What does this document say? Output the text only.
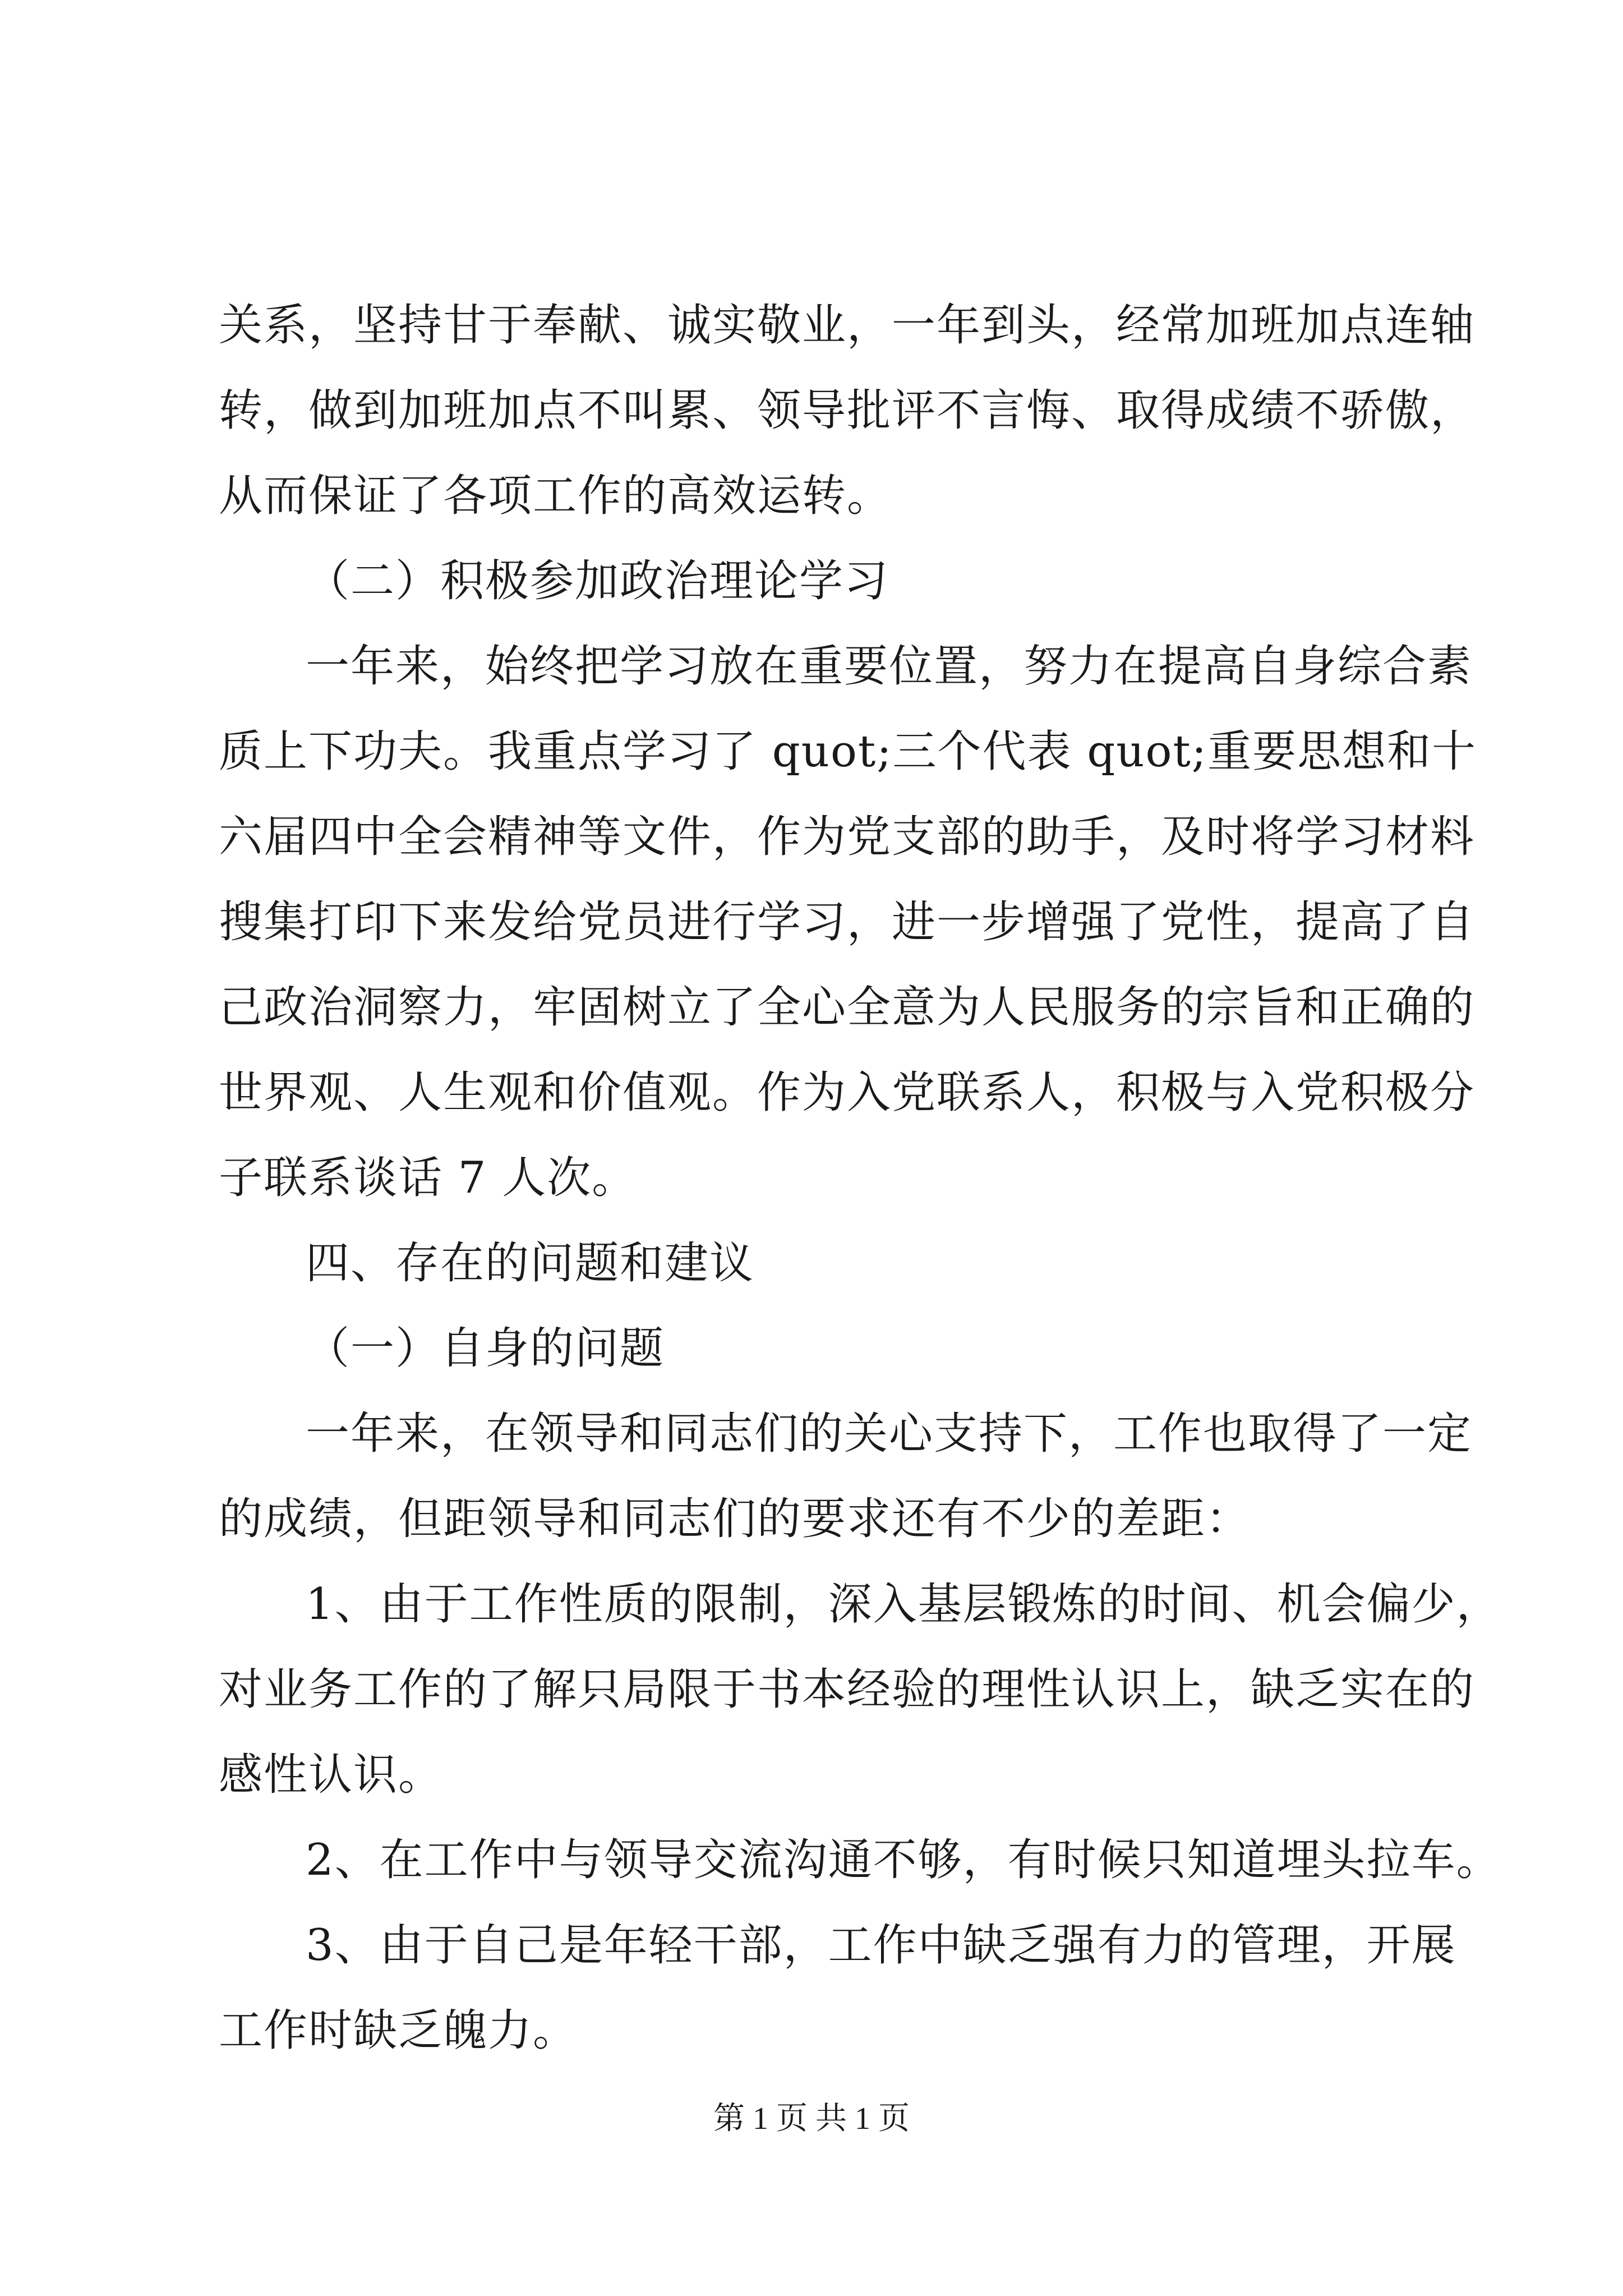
关系，坚持甘于奉献、诚实敬业，一年到头，经常加班加点连轴
转，做到加班加点不叫累、领导批评不言悔、取得成绩不骄傲，
从而保证了各项工作的高效运转。
（二）积极参加政治理论学习
一年来，始终把学习放在重要位置，努力在提高自身综合素
质上下功夫。我重点学习了 quot;三个代表 quot;重要思想和十
六届四中全会精神等文件，作为党支部的助手，及时将学习材料
搜集打印下来发给党员进行学习，进一步增强了党性，提高了自
己政治洞察力，牢固树立了全心全意为人民服务的宗旨和正确的
世界观、人生观和价值观。作为入党联系人，积极与入党积极分
子联系谈话 7 人次。
四、存在的问题和建议
（一）自身的问题
一年来，在领导和同志们的关心支持下，工作也取得了一定
的成绩，但距领导和同志们的要求还有不少的差距：
1、由于工作性质的限制，深入基层锻炼的时间、机会偏少，
对业务工作的了解只局限于书本经验的理性认识上，缺乏实在的
感性认识。
2、在工作中与领导交流沟通不够，有时候只知道埋头拉车。
3、由于自己是年轻干部，工作中缺乏强有力的管理，开展
工作时缺乏魄力。
第 1 页 共 1 页
